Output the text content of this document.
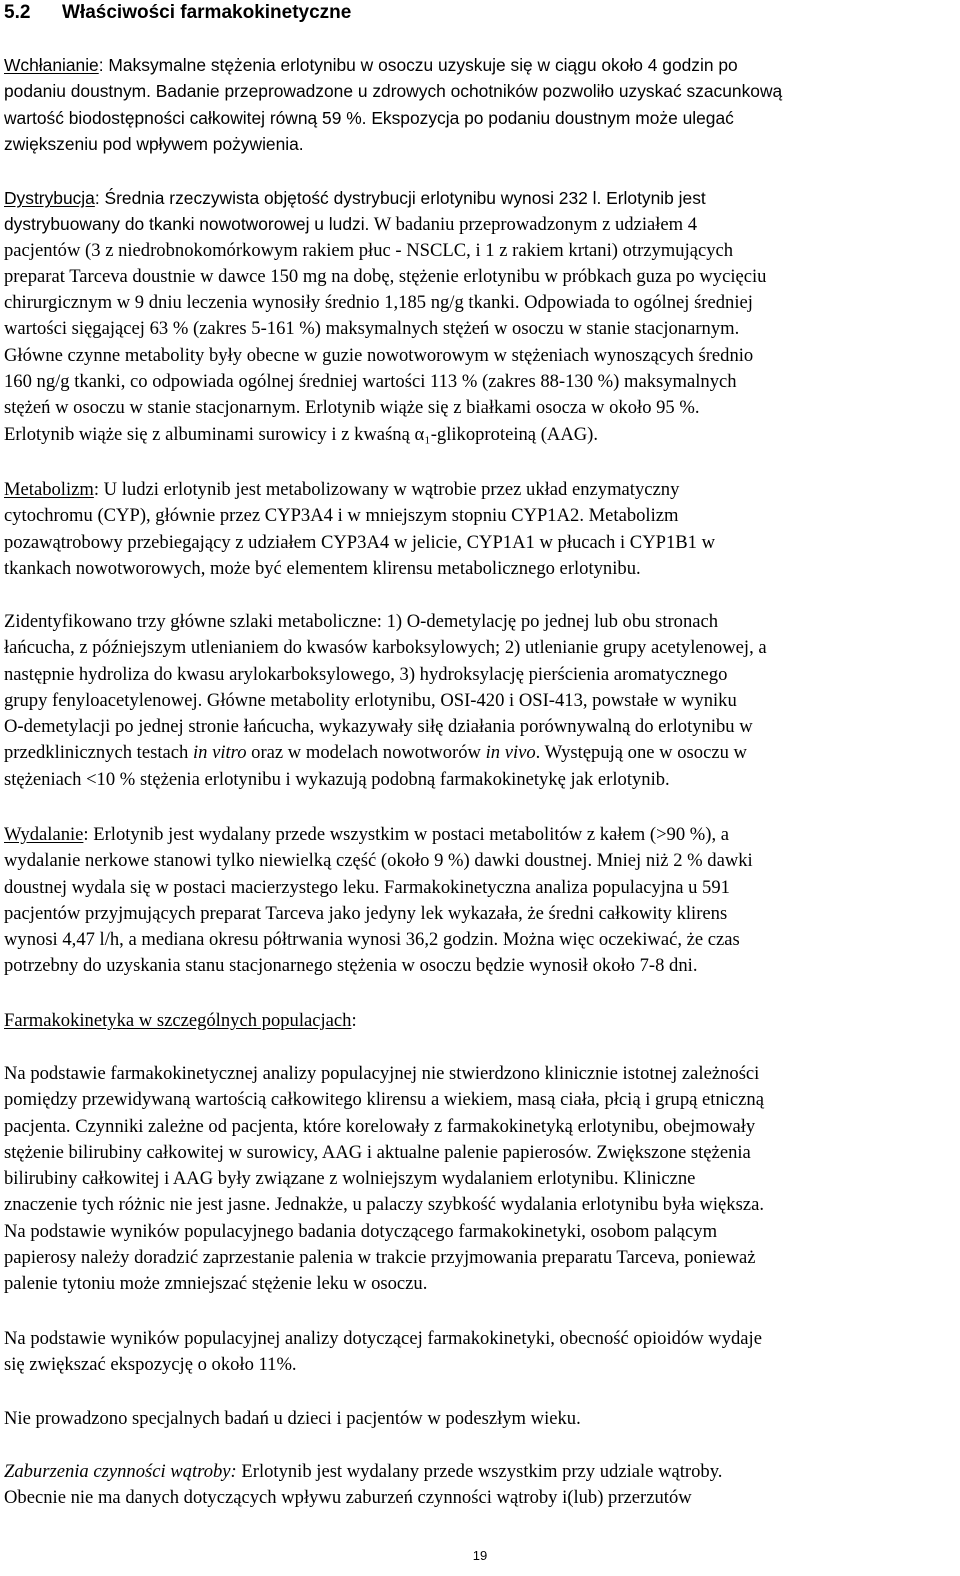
5.2 Właściwości farmakokinetyczne
Wchłanianie: Maksymalne stężenia erlotynibu w osoczu uzyskuje się w ciągu około 4 godzin po
podaniu doustnym. Badanie przeprowadzone u zdrowych ochotników pozwoliło uzyskać szacunkową
wartość biodostępności całkowitej równą 59 %. Ekspozycja po podaniu doustnym może ulegać
zwiększeniu pod wpływem pożywienia.
Dystrybucja: Średnia rzeczywista objętość dystrybucji erlotynibu wynosi 232 l. Erlotynib jest
dystrybuowany do tkanki nowotworowej u ludzi. W badaniu przeprowadzonym z udziałem 4
pacjentów (3 z niedrobnokomórkowym rakiem płuc - NSCLC, i 1 z rakiem krtani) otrzymujących
preparat Tarceva doustnie w dawce 150 mg na dobę, stężenie erlotynibu w próbkach guza po wycięciu
chirurgicznym w 9 dniu leczenia wynosiły średnio 1,185 ng/g tkanki. Odpowiada to ogólnej średniej
wartości sięgającej 63 % (zakres 5-161 %) maksymalnych stężeń w osoczu w stanie stacjonarnym.
Główne czynne metabolity były obecne w guzie nowotworowym w stężeniach wynoszących średnio
160 ng/g tkanki, co odpowiada ogólnej średniej wartości 113 % (zakres 88-130 %) maksymalnych
stężeń w osoczu w stanie stacjonarnym. Erlotynib wiąże się z białkami osocza w około 95 %.
Erlotynib wiąże się z albuminami surowicy i z kwaśną α₁-glikoproteiną (AAG).
Metabolizm: U ludzi erlotynib jest metabolizowany w wątrobie przez układ enzymatyczny
cytochromu (CYP), głównie przez CYP3A4 i w mniejszym stopniu CYP1A2. Metabolizm
pozawątrobowy przebiegający z udziałem CYP3A4 w jelicie, CYP1A1 w płucach i CYP1B1 w
tkankach nowotworowych, może być elementem klirensu metabolicznego erlotynibu.
Zidentyfikowano trzy główne szlaki metaboliczne: 1) O-demetylację po jednej lub obu stronach
łańcucha, z późniejszym utlenianiem do kwasów karboksylowych; 2) utlenianie grupy acetylenowej, a
następnie hydroliza do kwasu arylokarboksylowego, 3) hydroksylację pierścienia aromatycznego
grupy fenyloacetylenowej. Główne metabolity erlotynibu, OSI-420 i OSI-413, powstałe w wyniku
O-demetylacji po jednej stronie łańcucha, wykazywały siłę działania porównywalną do erlotynibu w
przedklinicznych testach in vitro oraz w modelach nowotworów in vivo. Występują one w osoczu w
stężeniach <10 % stężenia erlotynibu i wykazują podobną farmakokinetykę jak erlotynib.
Wydalanie: Erlotynib jest wydalany przede wszystkim w postaci metabolitów z kałem (>90 %), a
wydalanie nerkowe stanowi tylko niewielką część (około 9 %) dawki doustnej. Mniej niż 2 % dawki
doustnej wydala się w postaci macierzystego leku. Farmakokinetyczna analiza populacyjna u 591
pacjentów przyjmujących preparat Tarceva jako jedyny lek wykazała, że średni całkowity klirens
wynosi 4,47 l/h, a mediana okresu półtrwania wynosi 36,2 godzin. Można więc oczekiwać, że czas
potrzebny do uzyskania stanu stacjonarnego stężenia w osoczu będzie wynosił około 7-8 dni.
Farmakokinetyka w szczególnych populacjach:
Na podstawie farmakokinetycznej analizy populacyjnej nie stwierdzono klinicznie istotnej zależności
pomiędzy przewidywaną wartością całkowitego klirensu a wiekiem, masą ciała, płcią i grupą etniczną
pacjenta. Czynniki zależne od pacjenta, które korelowały z farmakokinetyką erlotynibu, obejmowały
stężenie bilirubiny całkowitej w surowicy, AAG i aktualne palenie papierosów. Zwiększone stężenia
bilirubiny całkowitej i AAG były związane z wolniejszym wydalaniem erlotynibu. Kliniczne
znaczenie tych różnic nie jest jasne. Jednakże, u palaczy szybkość wydalania erlotynibu była większa.
Na podstawie wyników populacyjnego badania dotyczącego farmakokinetyki, osobom palącym
papierosy należy doradzić zaprzestanie palenia w trakcie przyjmowania preparatu Tarceva, ponieważ
palenie tytoniu może zmniejszać stężenie leku w osoczu.
Na podstawie wyników populacyjnej analizy dotyczącej farmakokinetyki, obecność opioidów wydaje
się zwiększać ekspozycję o około 11%.
Nie prowadzono specjalnych badań u dzieci i pacjentów w podeszłym wieku.
Zaburzenia czynności wątroby: Erlotynib jest wydalany przede wszystkim przy udziale wątroby.
Obecnie nie ma danych dotyczących wpływu zaburzeń czynności wątroby i(lub) przerzutów
19
